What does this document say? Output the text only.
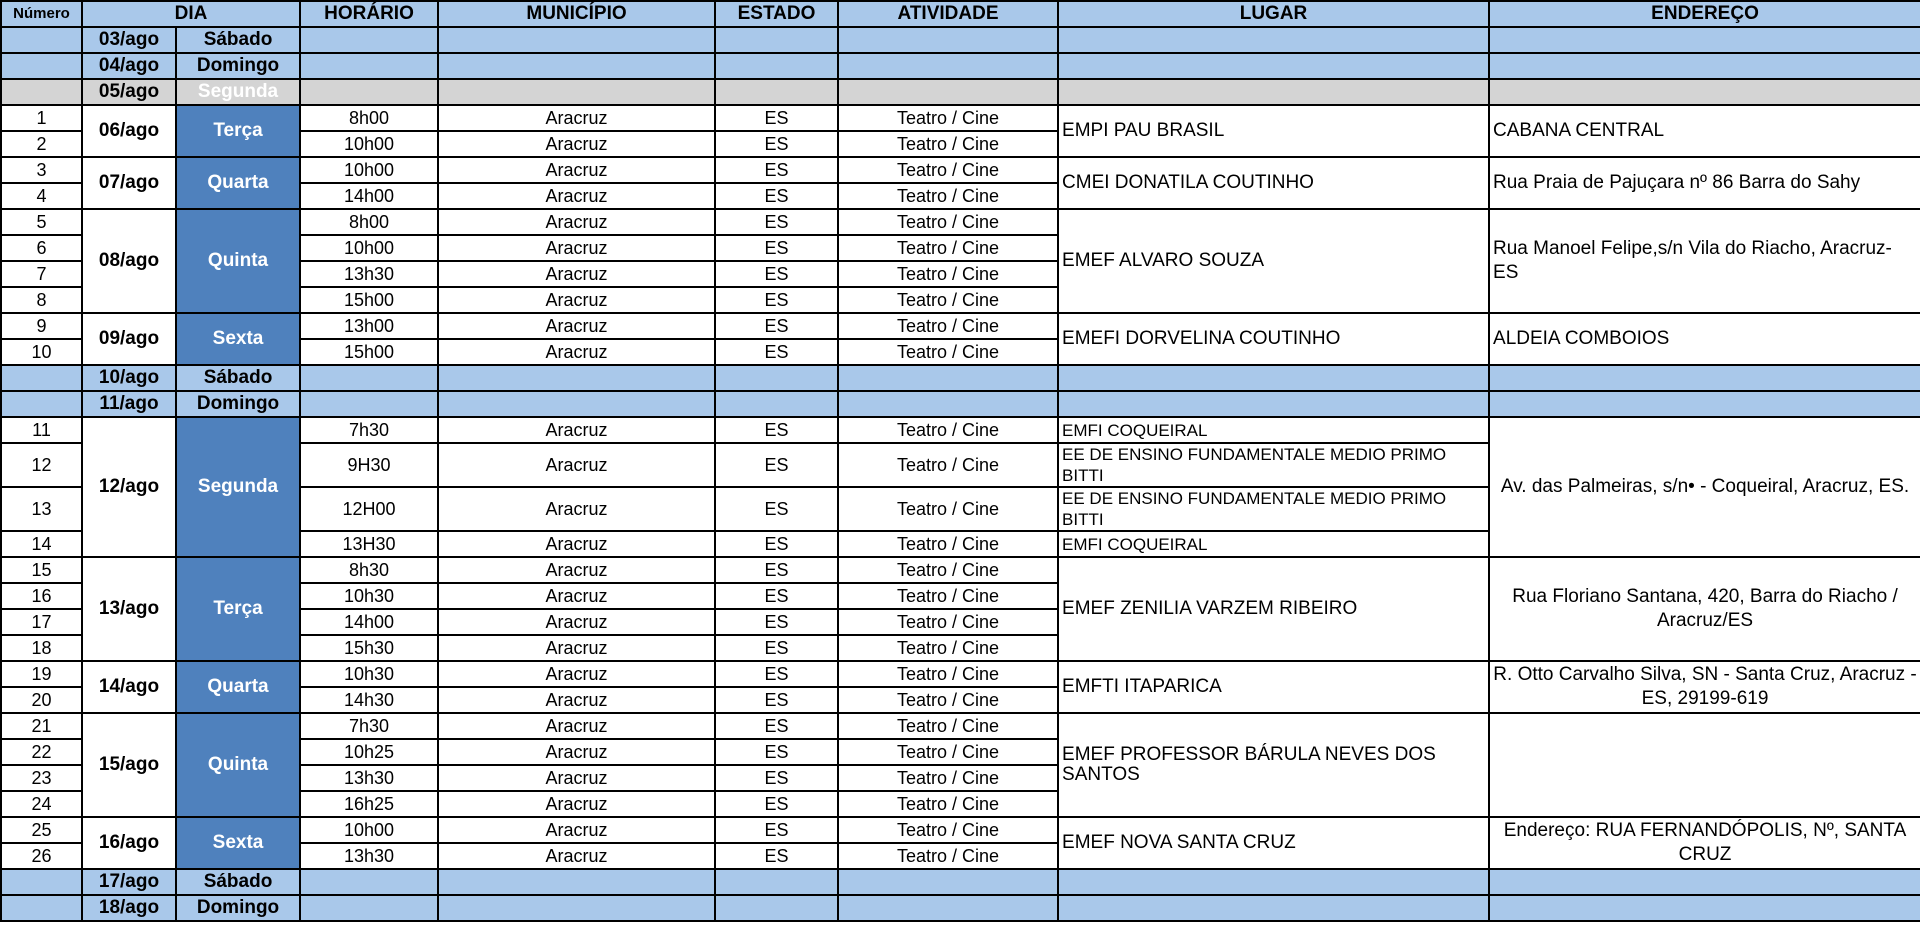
Número	DIA		HORÁRIO	MUNICÍPIO	ESTADO	ATIVIDADE	LUGAR	ENDEREÇO
	03/ago	Sábado						
	04/ago	Domingo						
	05/ago	Segunda						
1	06/ago	Terça	8h00	Aracruz	ES	Teatro / Cine	EMPI PAU BRASIL	CABANA CENTRAL
2			10h00	Aracruz	ES	Teatro / Cine		
3	07/ago	Quarta	10h00	Aracruz	ES	Teatro / Cine	CMEI DONATILA COUTINHO	Rua Praia de Pajuçara nº 86 Barra do Sahy
4			14h00	Aracruz	ES	Teatro / Cine		
5	08/ago	Quinta	8h00	Aracruz	ES	Teatro / Cine	EMEF ALVARO SOUZA	Rua Manoel Felipe,s/n Vila do Riacho, Aracruz-ES
6			10h00	Aracruz	ES	Teatro / Cine		
7			13h30	Aracruz	ES	Teatro / Cine		
8			15h00	Aracruz	ES	Teatro / Cine		
9	09/ago	Sexta	13h00	Aracruz	ES	Teatro / Cine	EMEFI DORVELINA COUTINHO	ALDEIA COMBOIOS
10			15h00	Aracruz	ES	Teatro / Cine		
	10/ago	Sábado						
	11/ago	Domingo						
11	12/ago	Segunda	7h30	Aracruz	ES	Teatro / Cine	EMFI COQUEIRAL	Av. das Palmeiras, s/n• - Coqueiral, Aracruz, ES.
12			9H30	Aracruz	ES	Teatro / Cine	EE DE ENSINO FUNDAMENTALE MEDIO PRIMO BITTI	
13			12H00	Aracruz	ES	Teatro / Cine	EE DE ENSINO FUNDAMENTALE MEDIO PRIMO BITTI	
14			13H30	Aracruz	ES	Teatro / Cine	EMFI COQUEIRAL	
15	13/ago	Terça	8h30	Aracruz	ES	Teatro / Cine	EMEF ZENILIA VARZEM RIBEIRO	Rua Floriano Santana, 420, Barra do Riacho / Aracruz/ES
16			10h30	Aracruz	ES	Teatro / Cine		
17			14h00	Aracruz	ES	Teatro / Cine		
18			15h30	Aracruz	ES	Teatro / Cine		
19	14/ago	Quarta	10h30	Aracruz	ES	Teatro / Cine	EMFTI ITAPARICA	R. Otto Carvalho Silva, SN - Santa Cruz, Aracruz - ES, 29199-619
20			14h30	Aracruz	ES	Teatro / Cine		
21	15/ago	Quinta	7h30	Aracruz	ES	Teatro / Cine	EMEF PROFESSOR BÁRULA NEVES DOS SANTOS	
22			10h25	Aracruz	ES	Teatro / Cine		
23			13h30	Aracruz	ES	Teatro / Cine		
24			16h25	Aracruz	ES	Teatro / Cine		
25	16/ago	Sexta	10h00	Aracruz	ES	Teatro / Cine	EMEF NOVA SANTA CRUZ	Endereço: RUA FERNANDÓPOLIS, Nº, SANTA CRUZ
26			13h30	Aracruz	ES	Teatro / Cine		
	17/ago	Sábado						
	18/ago	Domingo						
